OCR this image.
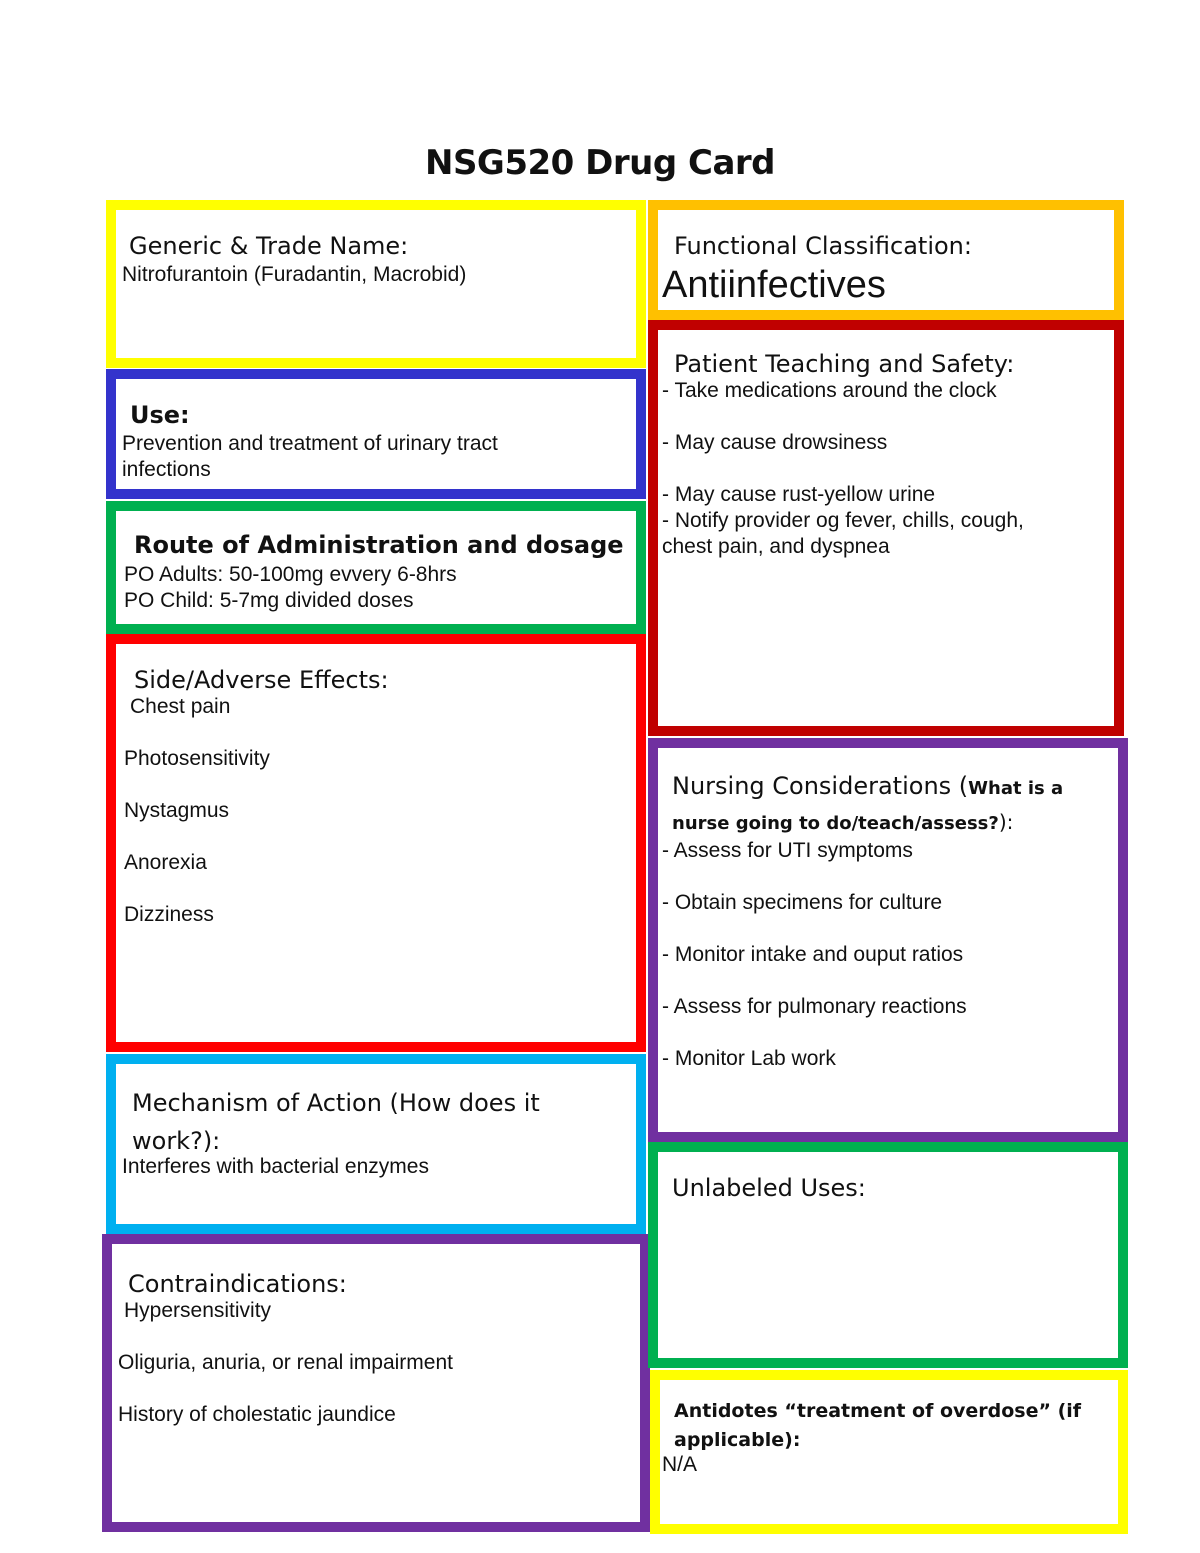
NSG520 Drug Card

Generic & Trade Name:

Nitrofurantoin (Furadantin, Macrobid)

Use:

Prevention and treatment of urinary tract

infections

Route of Administration and dosage

PO Adults: 50-100mg evvery 6-8hrs

PO Child: 5-7mg divided doses

Side/Adverse Effects:

Chest pain

Photosensitivity

Nystagmus

Anorexia

Dizziness

Mechanism of Action (How does it

work?):

Interferes with bacterial enzymes

Contraindications:

Hypersensitivity

Oliguria, anuria, or renal impairment

History of cholestatic jaundice

Functional Classification:

Antiinfectives

Patient Teaching and Safety:

- Take medications around the clock

- May cause drowsiness

- May cause rust-yellow urine

- Notify provider og fever, chills, cough,

chest pain, and dyspnea

Nursing Considerations (What is a

nurse going to do/teach/assess?):

- Assess for UTI symptoms

- Obtain specimens for culture

- Monitor intake and ouput ratios

- Assess for pulmonary reactions

- Monitor Lab work

Unlabeled Uses:

Antidotes “treatment of overdose” (if

applicable):

N/A
